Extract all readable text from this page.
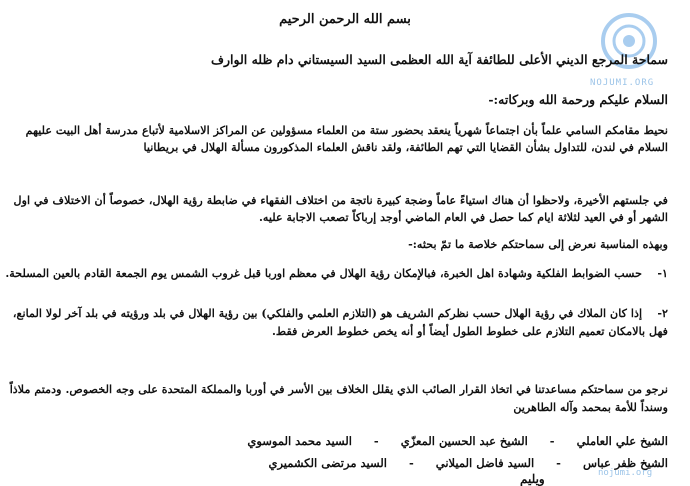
بسم الله الرحمن الرحيم
NOJUMI.ORG
سماحة المرجع الديني الأعلى للطائفة آية الله العظمى السيد السيستاني دام ظله الوارف
السلام عليكم ورحمة الله وبركاته:-
نحيط مقامكم السامي علماً بأن اجتماعاً شهرياً ينعقد بحضور ستة من العلماء مسؤولين عن المراكز الاسلامية لأتباع مدرسة أهل البيت عليهم السلام في لندن، للتداول بشأن القضايا التي تهم الطائفة، ولقد ناقش العلماء المذكورون مسألة الهلال في بريطانيا
في جلستهم الأخيرة، ولاحظوا أن هناك استياءً عاماً وضجة كبيرة ناتجة من اختلاف الفقهاء في ضابطة رؤية الهلال، خصوصاً أن الاختلاف في اول الشهر أو في العيد لثلاثة ايام كما حصل في العام الماضي أوجد إرباكاً تصعب الاجابة عليه.
وبهذه المناسبة نعرض إلى سماحتكم خلاصة ما تمّ بحثه:-
١- حسب الضوابط الفلكية وشهادة اهل الخبرة، فبالإمكان رؤية الهلال في معظم اوربا قبل غروب الشمس يوم الجمعة القادم بالعين المسلحة.
٢- إذا كان الملاك في رؤية الهلال حسب نظركم الشريف هو (التلازم العلمي والفلكي) بين رؤية الهلال في بلد ورؤيته في بلد آخر لولا المانع، فهل بالامكان تعميم التلازم على خطوط الطول أيضاً أو أنه يخص خطوط العرض فقط.
نرجو من سماحتكم مساعدتنا في اتخاذ القرار الصائب الذي يقلل الخلاف بين الأسر في أوربا والمملكة المتحدة على وجه الخصوص. ودمتم ملاذاً وسنداً للأمة بمحمد وآله الطاهرين
الشيخ علي العاملي
-
الشيخ عبد الحسين المعزّي
-
السيد محمد الموسوي
الشيخ ظفر عباس
-
السيد فاضل الميلاني
-
السيد مرتضى الكشميري
ويليم	nojumi.org
